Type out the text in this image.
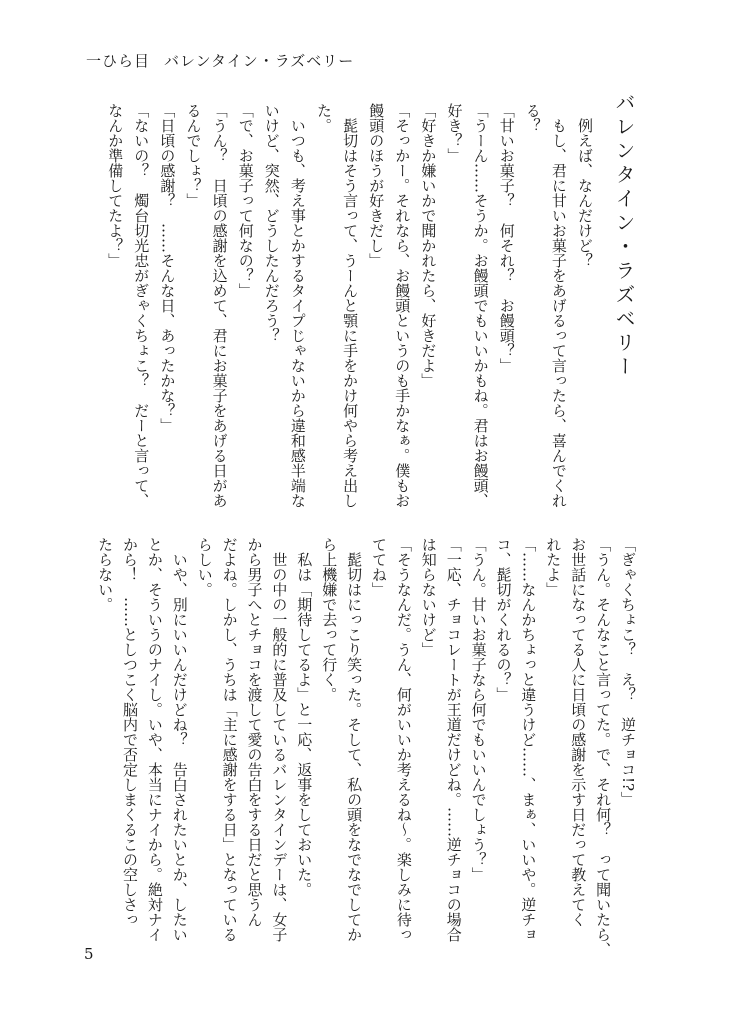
一ひら目 バレンタイン・ラズベリー
バレンタイン・ラズベリー
例えば、なんだけど？
もし、君に甘いお菓子をあげるって言ったら、喜んでくれ
る？
「甘いお菓子？　何それ？　お饅頭？」
「うーん……そうか。お饅頭でもいいかもね。君はお饅頭、
好き？」
「好きか嫌いかで聞かれたら、好きだよ」
「そっかー。それなら、お饅頭というのも手かなぁ。僕もお
饅頭のほうが好きだし」
髭切はそう言って、うーんと顎に手をかけ何やら考え出し
た。
いつも、考え事とかするタイプじゃないから違和感半端な
いけど、突然、どうしたんだろう？
「で、お菓子って何なの？」
「うん？　日頃の感謝を込めて、君にお菓子をあげる日があ
るんでしょ？」
「日頃の感謝？　……そんな日、あったかな？」
「ないの？　燭台切光忠がぎゃくちょこ？　だーと言って、
なんか準備してたよ？」
「ぎゃくちょこ？　え？　逆チョコ!?」
「うん。そんなこと言ってた。で、それ何？　って聞いたら、
お世話になってる人に日頃の感謝を示す日だって教えてく
れたよ」
「……なんかちょっと違うけど……、まぁ、いいや。逆チョ
コ、髭切がくれるの？」
「うん。甘いお菓子なら何でもいいんでしょう？」
「一応、チョコレートが王道だけどね。……逆チョコの場合
は知らないけど」
「そうなんだ。うん、何がいいか考えるね～。楽しみに待っ
ててね」
髭切はにっこり笑った。そして、私の頭をなでなでしてか
ら上機嫌で去って行く。
私は「期待してるよ」と一応、返事をしておいた。
世の中の一般的に普及しているバレンタインデーは、女子
から男子へとチョコを渡して愛の告白をする日だと思うん
だよね。しかし、うちは「主に感謝をする日」となっている
らしい。
いや、別にいいんだけどね？　告白されたいとか、したい
とか、そういうのナイし。いや、本当にナイから。絶対ナイ
から！　……としつこく脳内で否定しまくるこの空しさっ
たらない。
5
